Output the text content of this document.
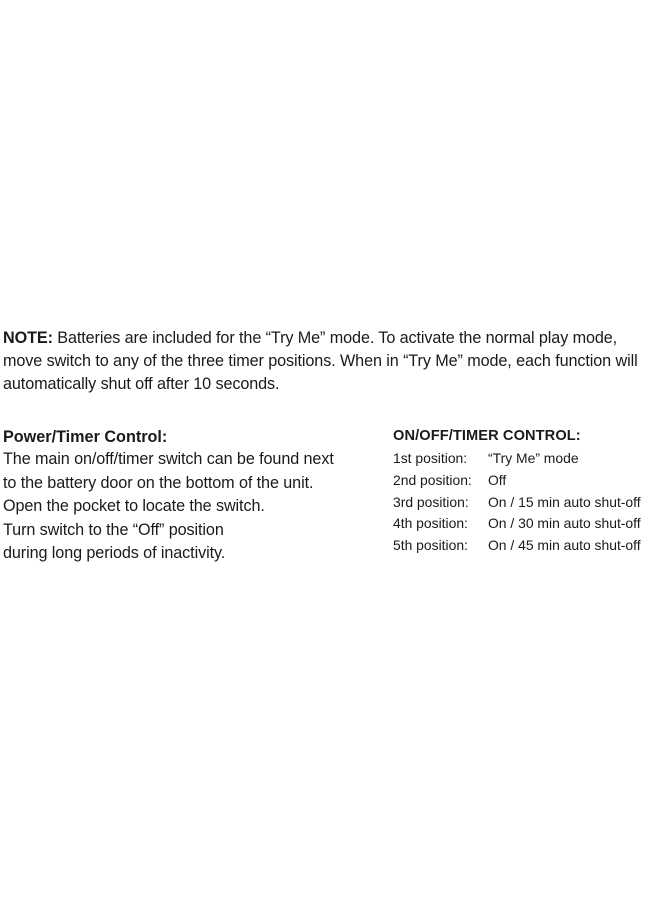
NOTE: Batteries are included for the “Try Me” mode. To activate the normal play mode, move switch to any of the three timer positions. When in “Try Me” mode, each function will automatically shut off after 10 seconds.
Power/Timer Control:
The main on/off/timer switch can be found next
to the battery door on the bottom of the unit.
Open the pocket to locate the switch.
Turn switch to the “Off” position
during long periods of inactivity.
ON/OFF/TIMER CONTROL:
1st position:	“Try Me” mode
2nd position:	Off
3rd position:	On / 15 min auto shut-off
4th position:	On / 30 min auto shut-off
5th position:	On / 45 min auto shut-off
